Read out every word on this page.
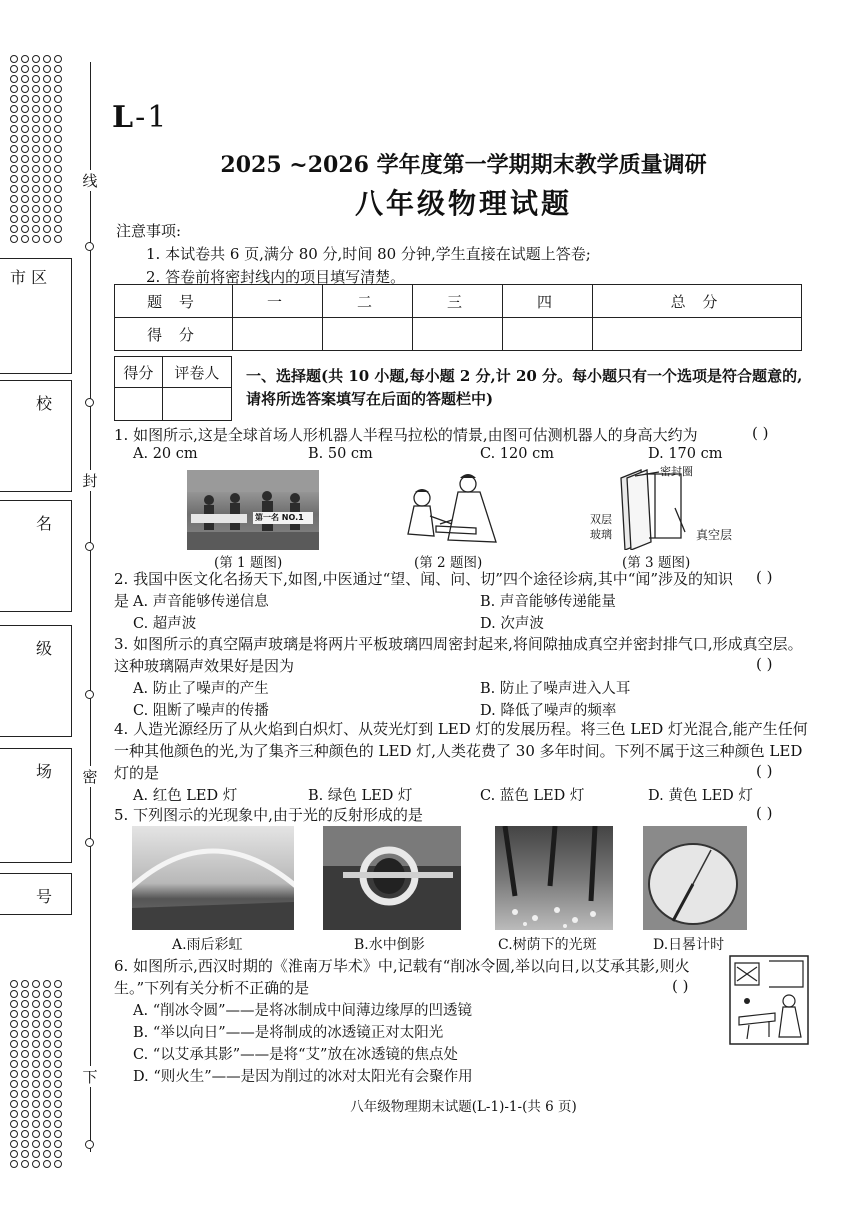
线
封
密
下
市 区
校
名
级
场
号
L-1
2025 ~2026 学年度第一学期期末教学质量调研
八年级物理试题
注意事项:
1. 本试卷共 6 页,满分 80 分,时间 80 分钟,学生直接在试题上答卷;
2. 答卷前将密封线内的项目填写清楚。
题 号	一	二	三	四	总 分
得 分					
得分	评卷人
	一、选择题(共 10 小题,每小题 2 分,计 20 分。每小题只有一个选项是符合题意的,请将所选答案填写在后面的答题栏中)
1. 如图所示,这是全球首场人形机器人半程马拉松的情景,由图可估测机器人的身高大约为	( )
A. 20 cm	B. 50 cm	C. 120 cm	D. 170 cm
第一名 NO.1
(第 1 题图)	(第 2 题图)
密封圈
双层
玻璃	真空层
(第 3 题图)
2. 我国中医文化名扬天下,如图,中医通过“望、闻、问、切”四个途径诊病,其中“闻”涉及的知识是
( )
A. 声音能够传递信息	B. 声音能够传递能量
C. 超声波	D. 次声波
3. 如图所示的真空隔声玻璃是将两片平板玻璃四周密封起来,将间隙抽成真空并密封排气口,形成真空层。这种玻璃隔声效果好是因为	( )
A. 防止了噪声的产生	B. 防止了噪声进入人耳
C. 阻断了噪声的传播	D. 降低了噪声的频率
4. 人造光源经历了从火焰到白炽灯、从荧光灯到 LED 灯的发展历程。将三色 LED 灯光混合,能产生任何一种其他颜色的光,为了集齐三种颜色的 LED 灯,人类花费了 30 多年时间。下列不属于这三种颜色 LED 灯的是	( )
A. 红色 LED 灯	B. 绿色 LED 灯	C. 蓝色 LED 灯	D. 黄色 LED 灯
5. 下列图示的光现象中,由于光的反射形成的是	( )
A.雨后彩虹	B.水中倒影	C.树荫下的光斑	D.日晷计时
6. 如图所示,西汉时期的《淮南万毕术》中,记载有“削冰令圆,举以向日,以艾承其影,则火生。”下列有关分析不正确的是	( )
A. “削冰令圆”——是将冰制成中间薄边缘厚的凹透镜
B. “举以向日”——是将制成的冰透镜正对太阳光
C. “以艾承其影”——是将“艾”放在冰透镜的焦点处
D. “则火生”——是因为削过的冰对太阳光有会聚作用
八年级物理期末试题(L-1)-1-(共 6 页)
